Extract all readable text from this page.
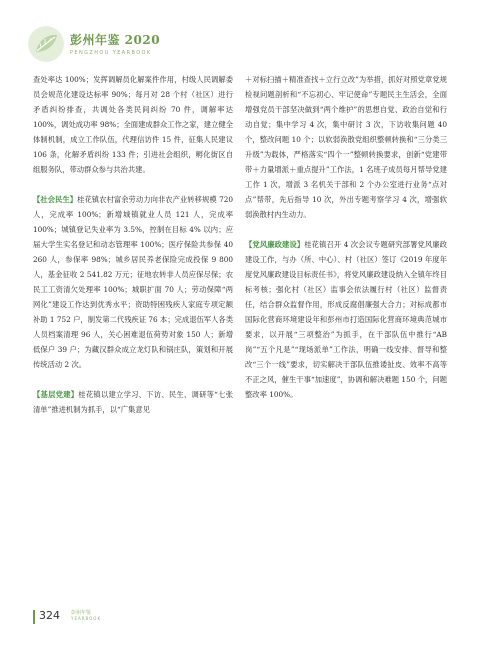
彭州年鉴 2020
PENGZHOU YEARBOOK

查处率达 100%；发挥调解员化解案件作用，村级人民调解委员会规范化建设达标率 90%；每月对 28 个村（社区）进行矛盾纠纷排查，共调处各类民间纠纷 70 件，调解率达 100%，调处成功率 98%；全面建成群众工作之家，建立健全体制机制，成立工作队伍，代理信访件 15 件，征集人民建议 106 条，化解矛盾纠纷 133 件；引进社会组织，孵化街区自组服务队，带动群众参与共治共建。

【社会民生】桂花镇农村富余劳动力向非农产业转移规模 720 人，完成率 100%；新增城镇就业人员 121 人，完成率 100%；城镇登记失业率为 3.5%，控制在目标 4% 以内；应届大学生实名登记和动态管理率 100%；医疗保险共参保 40 260 人，参保率 98%；城乡居民养老保险完成投保 9 800 人，基金征收 2 541.82 万元；征地农转非人员应保尽保；农民工工资清欠处理率 100%；城职扩面 70 人；劳动保障“两网化”建设工作达到优秀水平；资助特困残疾人家庭专项定额补助 1 752 户，制发第二代残疾证 76 本；完成退伍军人各类人员档案清理 96 人，关心困难退伍荷势对象 150 人；新增低保户 39 户；为藏汉群众成立龙灯队和锅庄队，策划和开展传统活动 2 次。

【基层党建】桂花镇以建立学习、下访、民生、调研等“七张清单”推进机制为抓手，以“广集意见

＋对标扫描＋精准查找＋立行立改”为举措，抓好对照党章党规检视问题剖析和“不忘初心、牢记使命”专题民主生活会，全面增强党员干部坚决做到“两个维护”的思想自觉、政治自觉和行动自觉；集中学习 4 次，集中研讨 3 次，下访收集问题 40 个，整改问题 10 个；以软弱涣散党组织整顿转换和“三分类三升级”为载体，严格落实“四个一”整顿转换要求，创新“党建带带＋力量增派＋重点提升”工作法，1 名班子成员每月帮导党建工作 1 次，增派 3 名机关干部和 2 个办公室进行业务“点对点”帮带，先后指导 10 次，外出专题考察学习 4 次，增强软弱涣散村内生动力。

【党风廉政建设】桂花镇召开 4 次会议专题研究部署党风廉政建设工作，与办（所、中心）、村（社区）签订《2019 年度年度党风廉政建设目标责任书》，将党风廉政建设纳入全镇年终目标考核；强化村（社区）监事会依法履行村（社区）监督责任，结合群众监督作用，形成反腐倡廉强大合力；对标成都市国际化营商环境建设年和彭州市打造国际化营商环境典范城市要求，以开展“三项整治”为抓手，在干部队伍中推行“AB 岗”“五个凡是”“现场派单”工作法，明确一线安排、督导和整改“三个一线”要求，切实解决干部队伍推诿扯皮、效率不高等不正之风，催生干事“加速度”，协调和解决难题 150 个，问题整改率 100%。

324 彭州年鉴
YEARBOOK
